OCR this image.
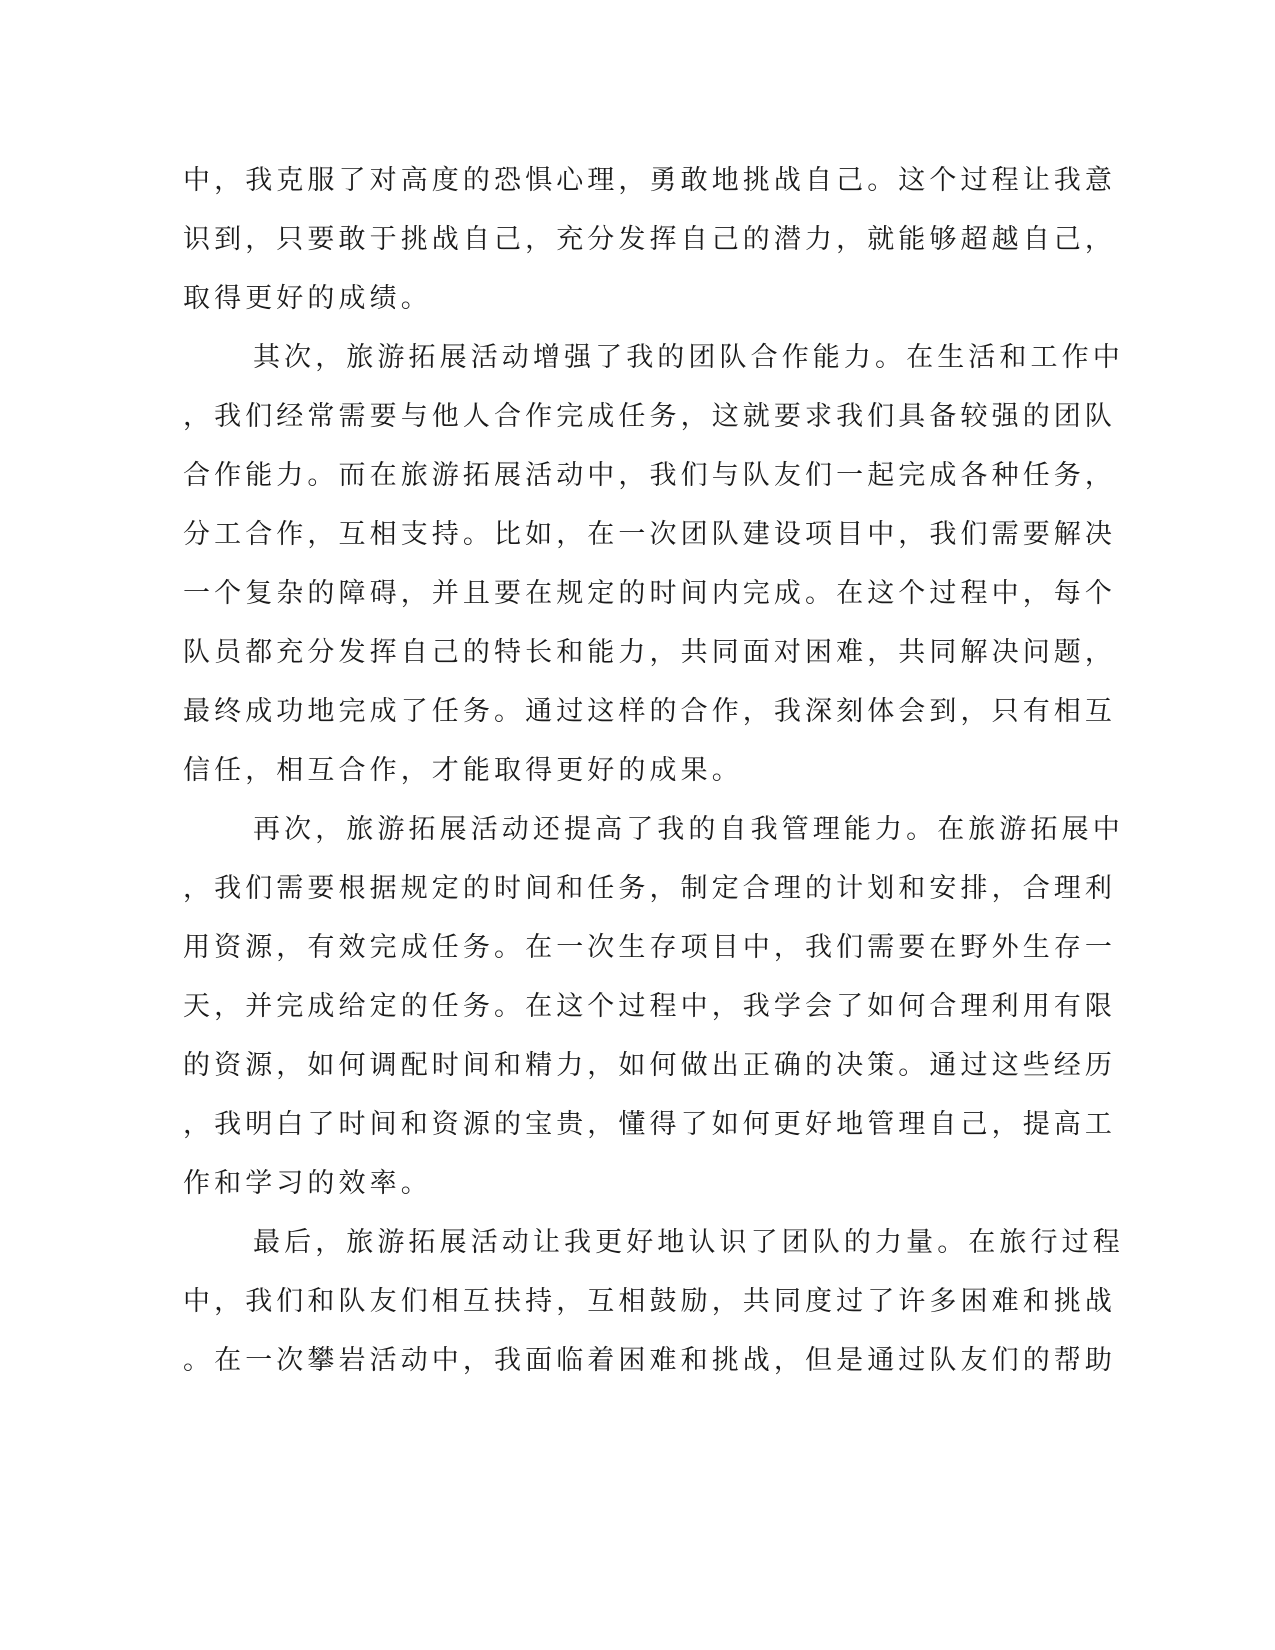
中，我克服了对高度的恐惧心理，勇敢地挑战自己。这个过程让我意
识到，只要敢于挑战自己，充分发挥自己的潜力，就能够超越自己，
取得更好的成绩。
其次，旅游拓展活动增强了我的团队合作能力。在生活和工作中
，我们经常需要与他人合作完成任务，这就要求我们具备较强的团队
合作能力。而在旅游拓展活动中，我们与队友们一起完成各种任务，
分工合作，互相支持。比如，在一次团队建设项目中，我们需要解决
一个复杂的障碍，并且要在规定的时间内完成。在这个过程中，每个
队员都充分发挥自己的特长和能力，共同面对困难，共同解决问题，
最终成功地完成了任务。通过这样的合作，我深刻体会到，只有相互
信任，相互合作，才能取得更好的成果。
再次，旅游拓展活动还提高了我的自我管理能力。在旅游拓展中
，我们需要根据规定的时间和任务，制定合理的计划和安排，合理利
用资源，有效完成任务。在一次生存项目中，我们需要在野外生存一
天，并完成给定的任务。在这个过程中，我学会了如何合理利用有限
的资源，如何调配时间和精力，如何做出正确的决策。通过这些经历
，我明白了时间和资源的宝贵，懂得了如何更好地管理自己，提高工
作和学习的效率。
最后，旅游拓展活动让我更好地认识了团队的力量。在旅行过程
中，我们和队友们相互扶持，互相鼓励，共同度过了许多困难和挑战
。在一次攀岩活动中，我面临着困难和挑战，但是通过队友们的帮助
